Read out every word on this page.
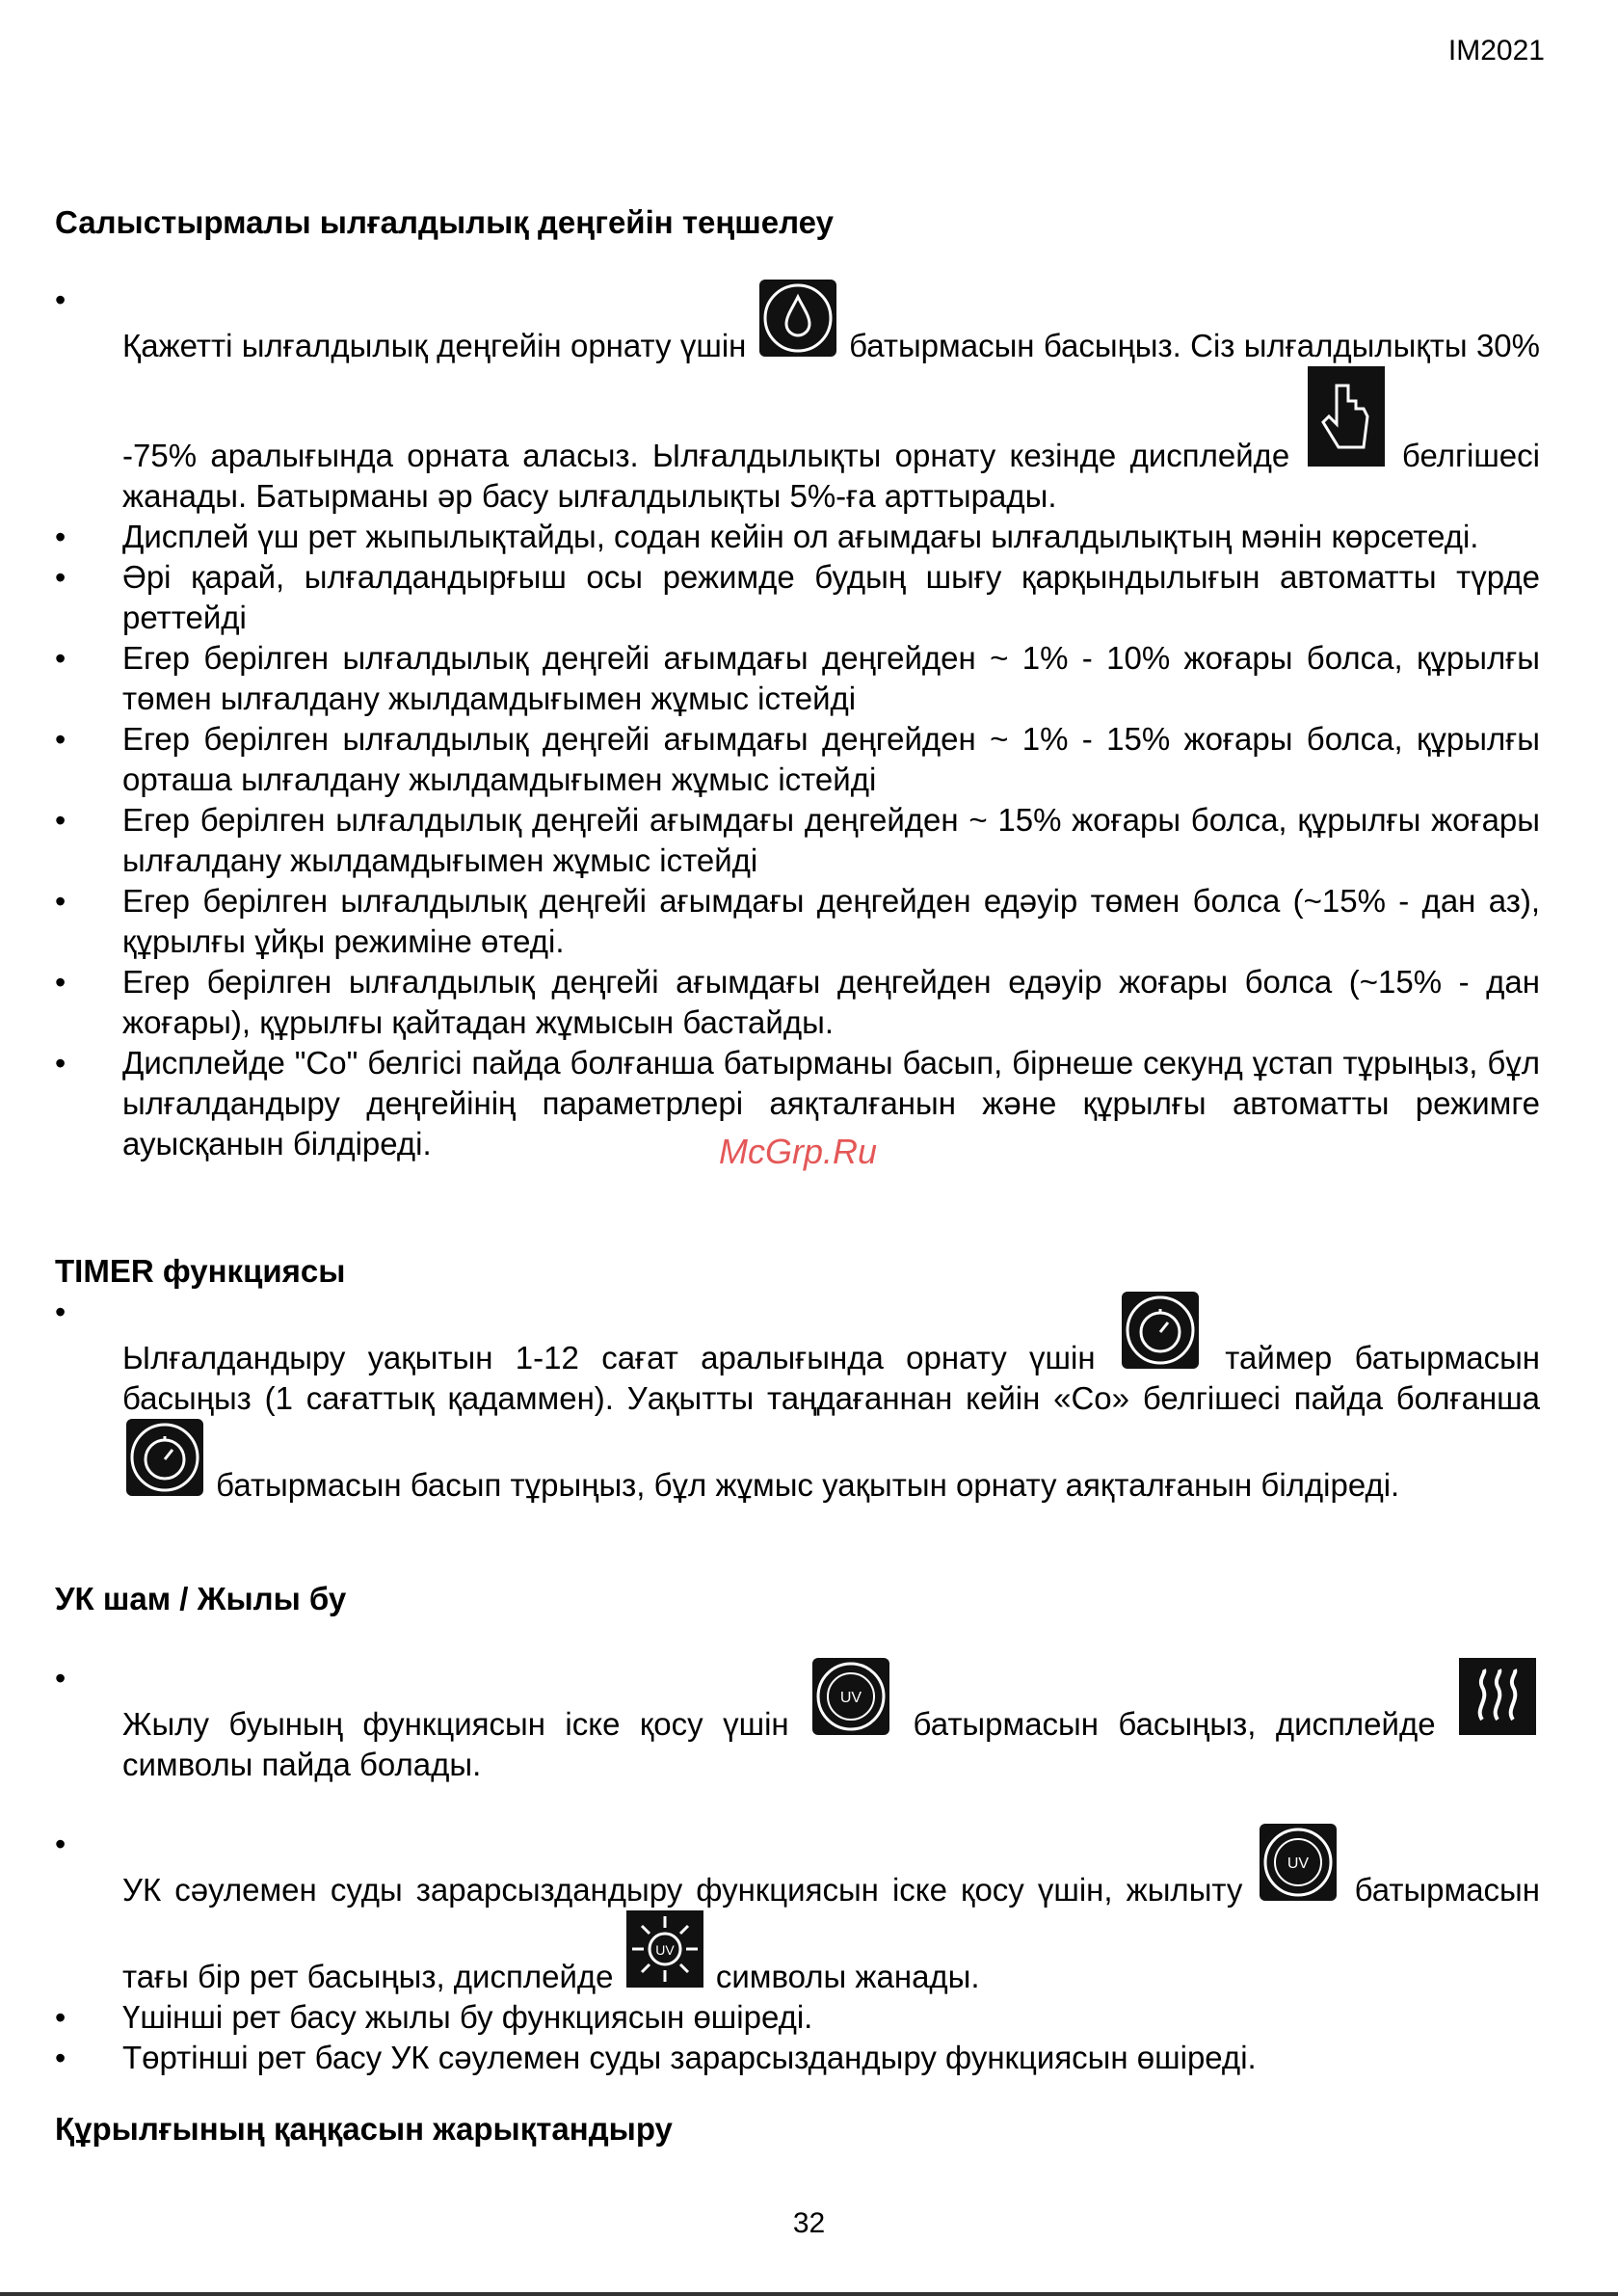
IM2021
Салыстырмалы ылғалдылық деңгейін теңшелеу
• Қажетті ылғалдылық деңгейін орнату үшін	батырмасын басыңыз. Сіз ылғалдылықты 30% -75% аралығында орната аласыз. Ылғалдылықты орнату кезінде дисплейде	белгішесі жанады. Батырманы әр басу ылғалдылықты 5%-ға арттырады.
• Дисплей үш рет жыпылықтайды, содан кейін ол ағымдағы ылғалдылықтың мәнін көрсетеді.
• Әрі қарай, ылғалдандырғыш осы режимде будың шығу қарқындылығын автоматты түрде реттейді
• Егер берілген ылғалдылық деңгейі ағымдағы деңгейден ~ 1% - 10% жоғары болса, құрылғы төмен ылғалдану жылдамдығымен жұмыс істейді
• Егер берілген ылғалдылық деңгейі ағымдағы деңгейден ~ 1% - 15% жоғары болса, құрылғы орташа ылғалдану жылдамдығымен жұмыс істейді
• Егер берілген ылғалдылық деңгейі ағымдағы деңгейден ~ 15% жоғары болса, құрылғы жоғары ылғалдану жылдамдығымен жұмыс істейді
• Егер берілген ылғалдылық деңгейі ағымдағы деңгейден едәуір төмен болса (~15% - дан аз), құрылғы ұйқы режиміне өтеді.
• Егер берілген ылғалдылық деңгейі ағымдағы деңгейден едәуір жоғары болса (~15% - дан жоғары), құрылғы қайтадан жұмысын бастайды.
• Дисплейде "Co" белгісі пайда болғанша батырманы басып, бірнеше секунд ұстап тұрыңыз, бұл ылғалдандыру деңгейінің параметрлері аяқталғанын және құрылғы автоматты режимге ауысқанын білдіреді.	McGrp.Ru
TIMER функциясы
• Ылғалдандыру уақытын 1-12 сағат аралығында орнату үшін	таймер батырмасын басыңыз (1 сағаттық қадаммен). Уақытты таңдағаннан кейін «Co» белгішесі пайда болғанша
батырмасын басып тұрыңыз, бұл жұмыс уақытын орнату аяқталғанын білдіреді.
УК шам / Жылы бу
• Жылу буының функциясын іске қосу үшін
UV
батырмасын басыңыз, дисплейде
символы пайда болады.
• УК сәулемен суды зарарсыздандыру функциясын іске қосу үшін, жылыту
UV
батырмасын тағы бір рет басыңыз, дисплейде
UV
символы жанады.
• Үшінші рет басу жылы бу функциясын өшіреді.
• Төртінші рет басу УК сәулемен суды зарарсыздандыру функциясын өшіреді.
Құрылғының қаңқасын жарықтандыру
32
